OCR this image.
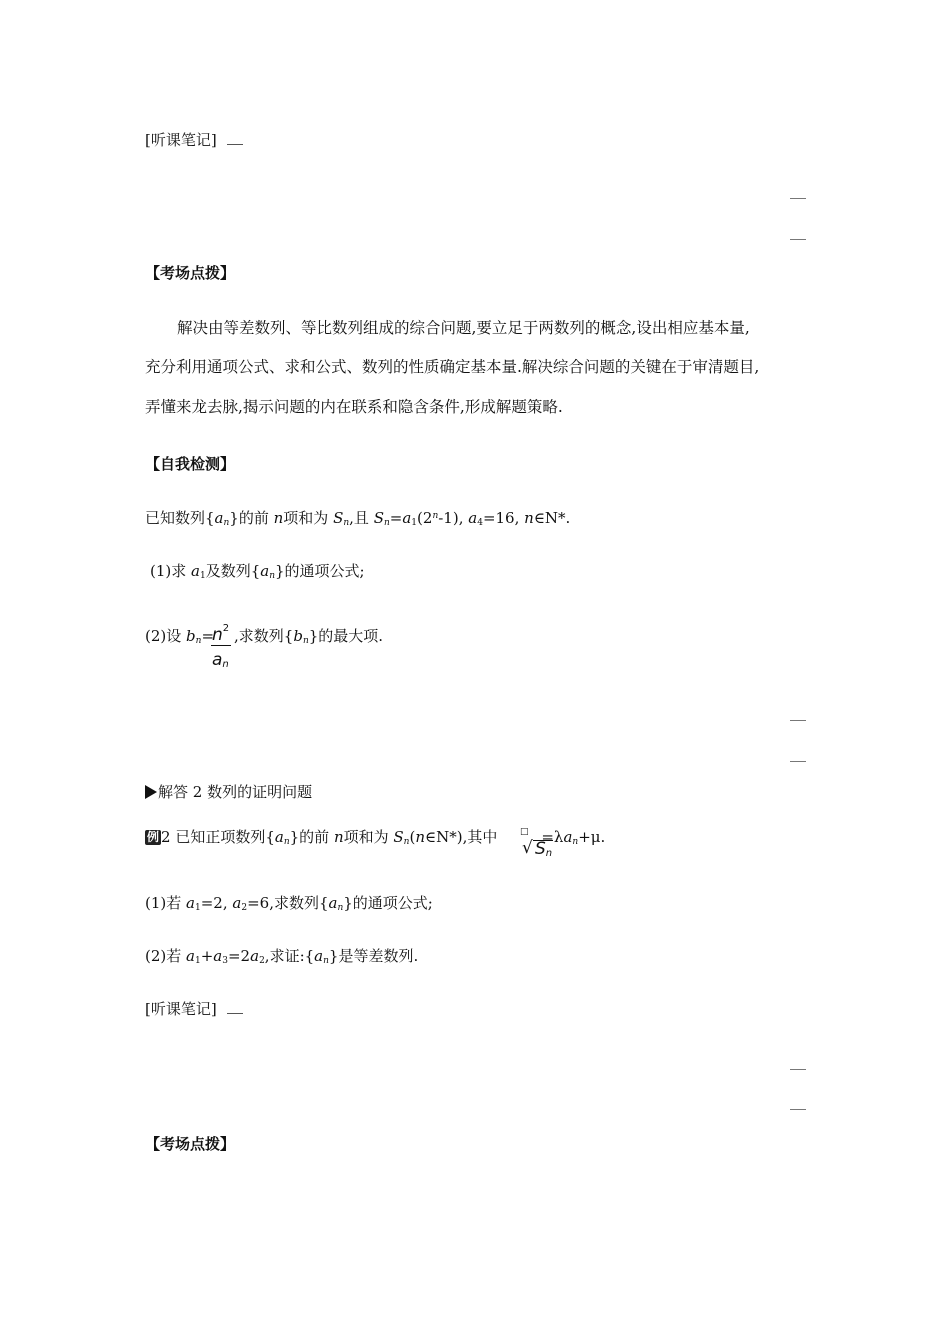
[听课笔记]
【考场点拨】
解决由等差数列、等比数列组成的综合问题,要立足于两数列的概念,设出相应基本量,
充分利用通项公式、求和公式、数列的性质确定基本量.解决综合问题的关键在于审清题目,
弄懂来龙去脉,揭示问题的内在联系和隐含条件,形成解题策略.
【自我检测】
已知数列$\{a_n\}$的前 n项和为 $S_n$,且 $S_n=a_1(2^n-1)$, $a_4=16$, n∈N*.
(1)求 $a_1$及数列$\{a_n\}$的通项公式;
(2)设 $b_n=$ ,求数列$\{b_n\}$的最大项.
$n^2$
$a_n$
解答 2 数列的证明问题
例 2 已知正项数列$\{a_n\}$的前 n项和为 $S_n(n\in N*)$,其中	$=\lambda a_n+\mu$.
□
√ $S_n$
(1)若 $a_1=2$, $a_2=6$,求数列$\{a_n\}$的通项公式;
(2)若 $a_1+a_3=2a_2$,求证$:\{a_n\}$是等差数列.
[听课笔记]
【考场点拨】
